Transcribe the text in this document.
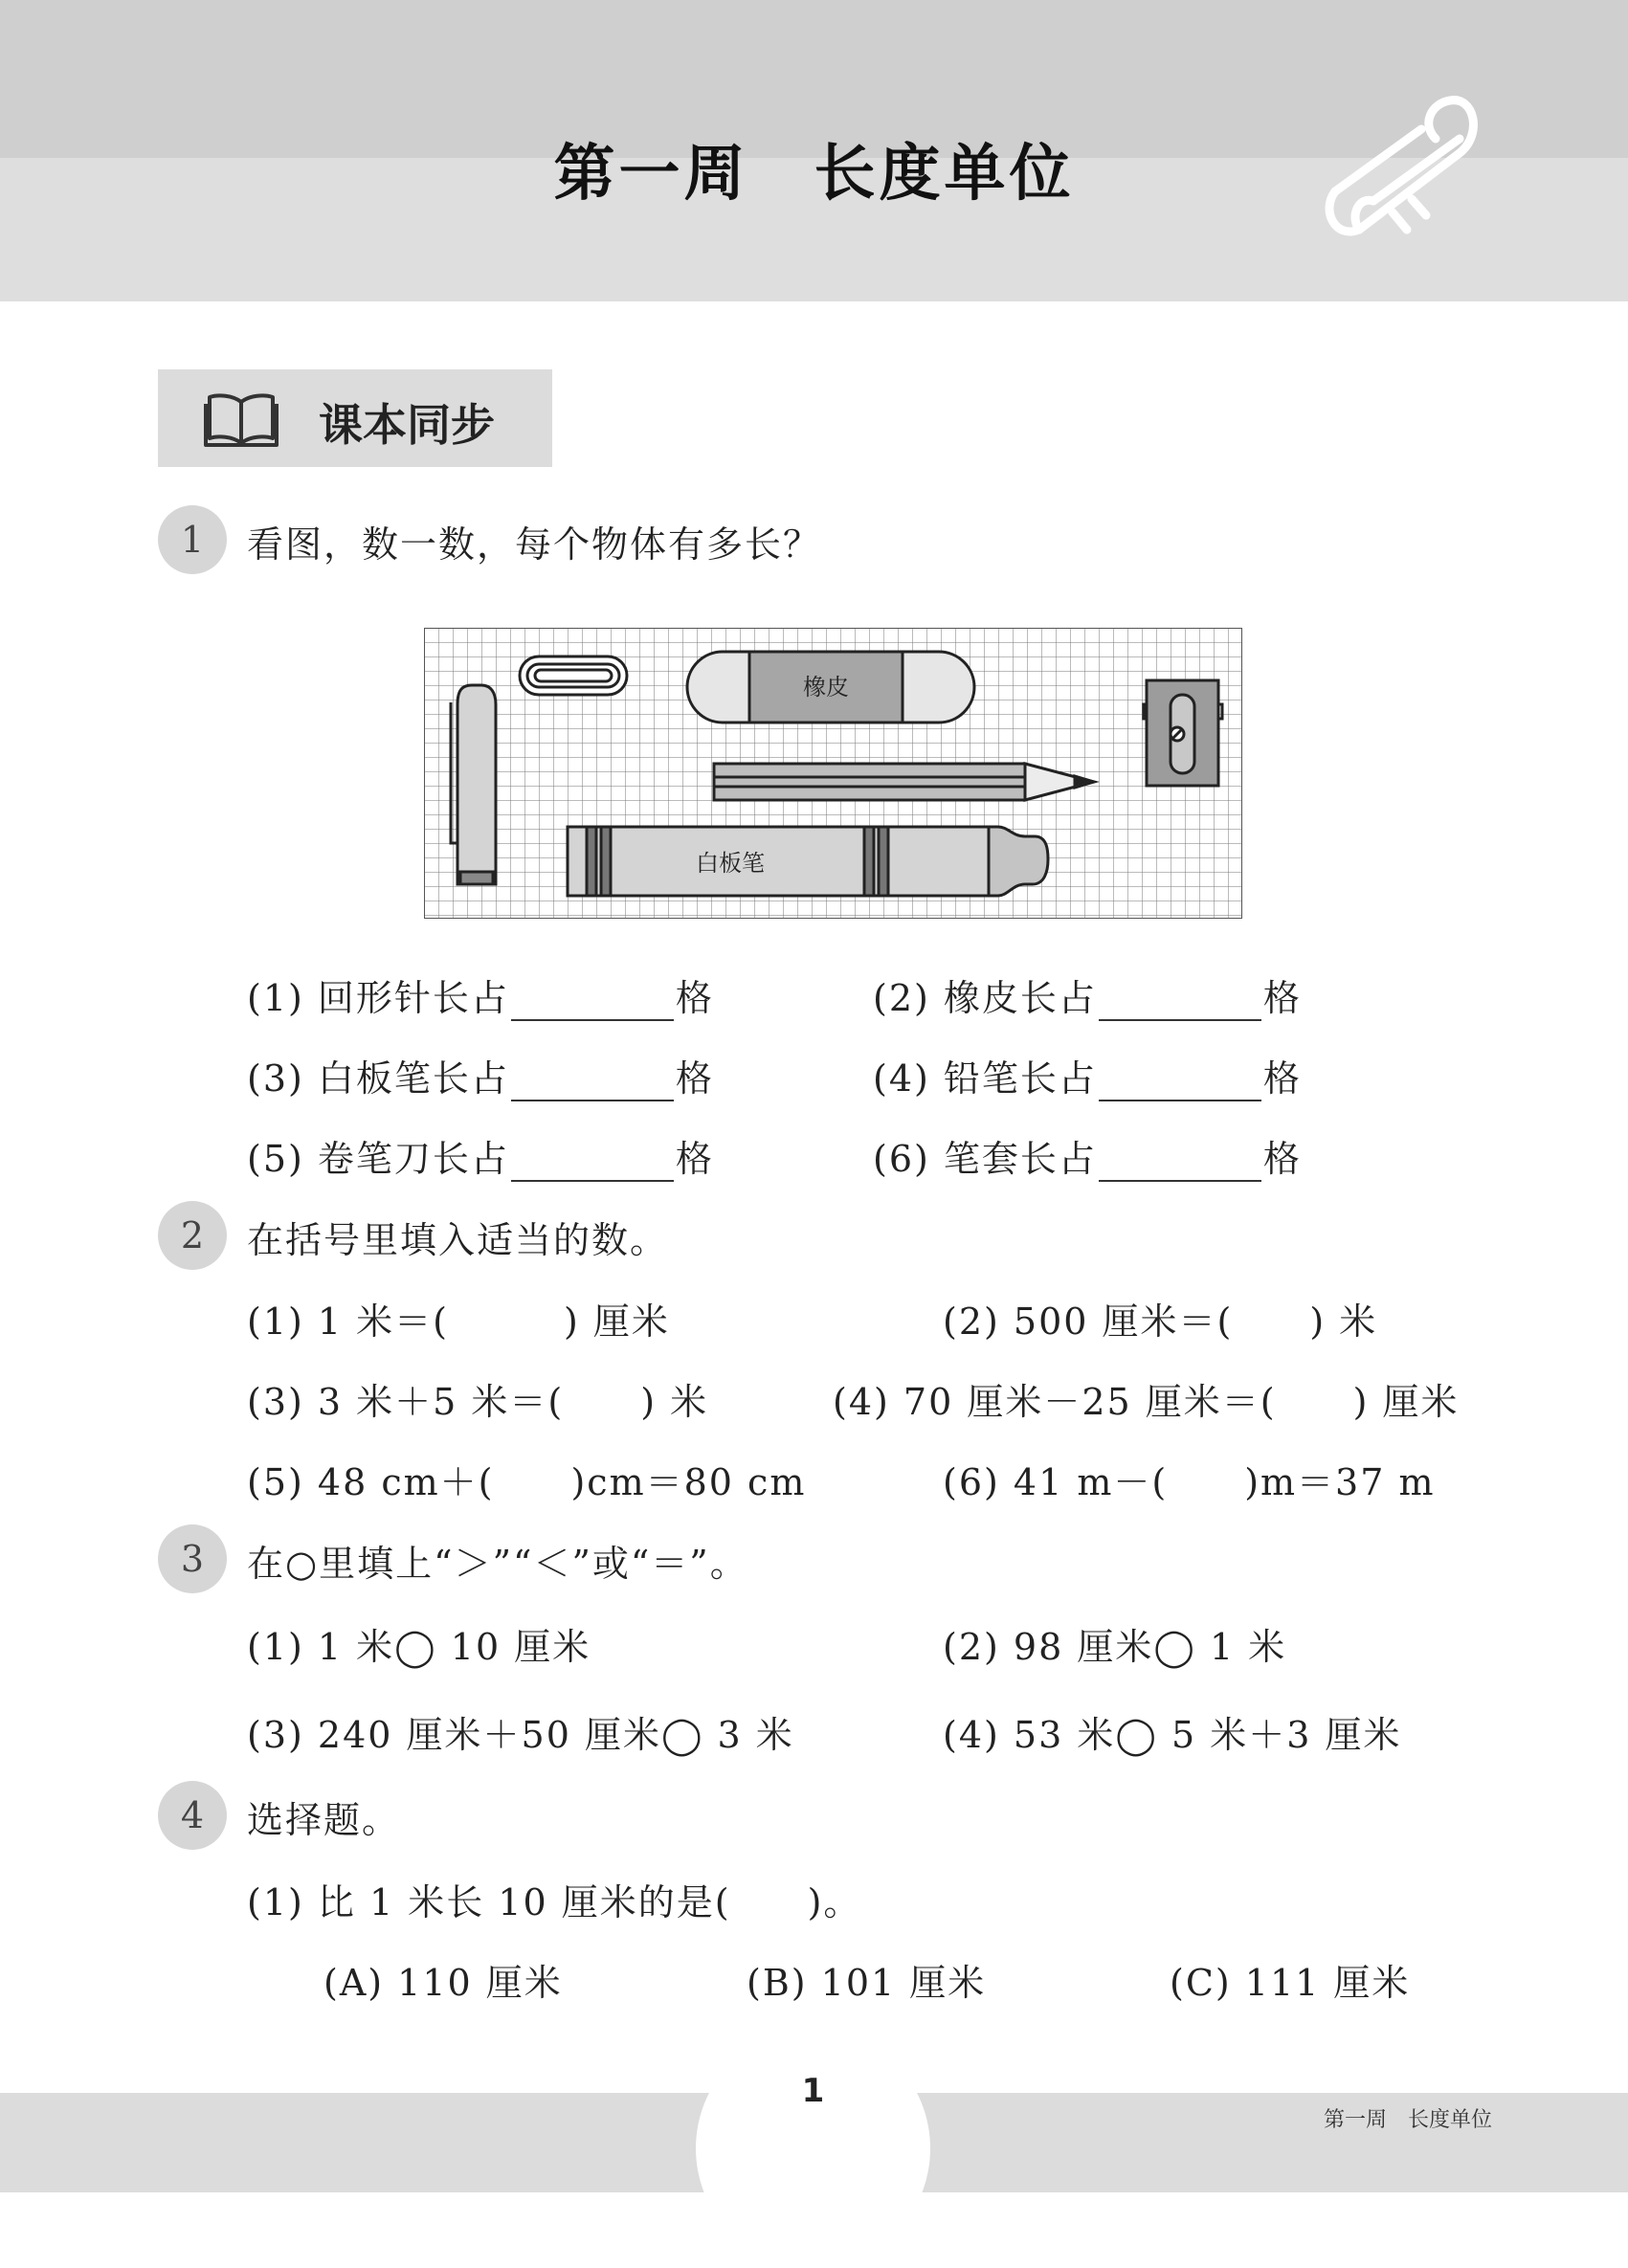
第一周　长度单位
课本同步
1	看图，数一数，每个物体有多长？
橡皮
白板笔
(1) 回形针长占	格	(2) 橡皮长占	格
(3) 白板笔长占	格	(4) 铅笔长占	格
(5) 卷笔刀长占	格	(6) 笔套长占	格
2	在括号里填入适当的数。
(1) 1 米＝(　　　) 厘米	(2) 500 厘米＝(　　) 米
(3) 3 米＋5 米＝(　　) 米	(4) 70 厘米－25 厘米＝(　　) 厘米
(5) 48 cm＋(　　)cm＝80 cm	(6) 41 m－(　　)m＝37 m
3	在○里填上“＞”“＜”或“＝”。
(1) 1 米◯ 10 厘米	(2) 98 厘米◯ 1 米
(3) 240 厘米＋50 厘米◯ 3 米	(4) 53 米◯ 5 米＋3 厘米
4	选择题。
(1) 比 1 米长 10 厘米的是(　　)。
(A) 110 厘米	(B) 101 厘米	(C) 111 厘米
1
第一周　长度单位
